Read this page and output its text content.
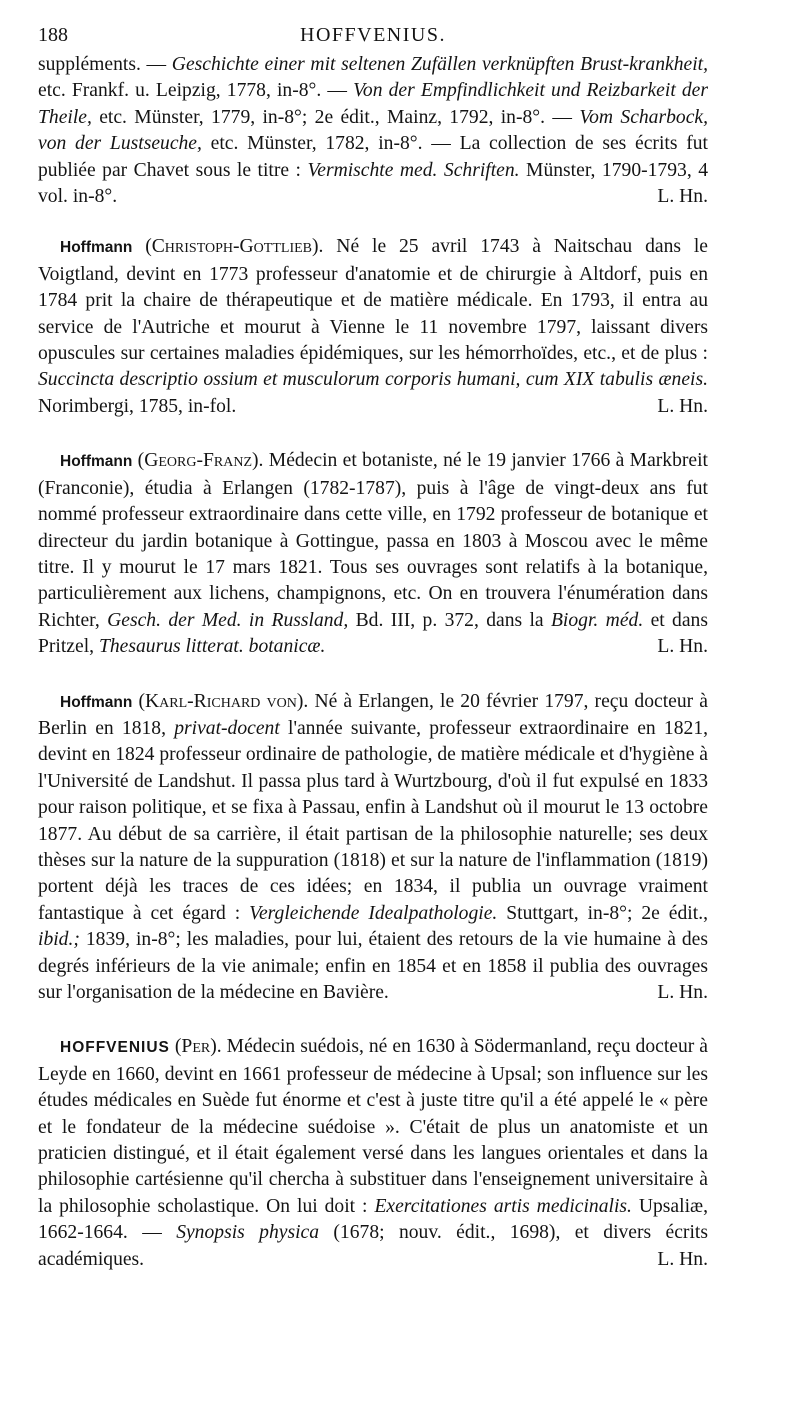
188	HOFFVENIUS.

suppléments. — Geschichte einer mit seltenen Zufällen verknüpften Brust-krankheit, etc. Frankf. u. Leipzig, 1778, in-8°. — Von der Empfindlichkeit und Reizbarkeit der Theile, etc. Münster, 1779, in-8°; 2e édit., Mainz, 1792, in-8°. — Vom Scharbock, von der Lustseuche, etc. Münster, 1782, in-8°. — La collection de ses écrits fut publiée par Chavet sous le titre : Vermischte med. Schriften. Münster, 1790-1793, 4 vol. in-8°.	L. Hn.

Hoffmann (Christoph-Gottlieb). Né le 25 avril 1743 à Naitschau dans le Voigtland, devint en 1773 professeur d'anatomie et de chirurgie à Altdorf, puis en 1784 prit la chaire de thérapeutique et de matière médicale. En 1793, il entra au service de l'Autriche et mourut à Vienne le 11 novembre 1797, laissant divers opuscules sur certaines maladies épidémiques, sur les hémorrhoïdes, etc., et de plus : Succincta descriptio ossium et musculorum corporis humani, cum XIX tabulis æneis. Norimbergi, 1785, in-fol.	L. Hn.

Hoffmann (Georg-Franz). Médecin et botaniste, né le 19 janvier 1766 à Markbreit (Franconie), étudia à Erlangen (1782-1787), puis à l'âge de vingt-deux ans fut nommé professeur extraordinaire dans cette ville, en 1792 professeur de botanique et directeur du jardin botanique à Gottingue, passa en 1803 à Moscou avec le même titre. Il y mourut le 17 mars 1821. Tous ses ouvrages sont relatifs à la botanique, particulièrement aux lichens, champignons, etc. On en trouvera l'énumération dans Richter, Gesch. der Med. in Russland, Bd. III, p. 372, dans la Biogr. méd. et dans Pritzel, Thesaurus litterat. botanicæ.	L. Hn.

Hoffmann (Karl-Richard von). Né à Erlangen, le 20 février 1797, reçu docteur à Berlin en 1818, privat-docent l'année suivante, professeur extraordinaire en 1821, devint en 1824 professeur ordinaire de pathologie, de matière médicale et d'hygiène à l'Université de Landshut. Il passa plus tard à Wurtzbourg, d'où il fut expulsé en 1833 pour raison politique, et se fixa à Passau, enfin à Landshut où il mourut le 13 octobre 1877. Au début de sa carrière, il était partisan de la philosophie naturelle; ses deux thèses sur la nature de la suppuration (1818) et sur la nature de l'inflammation (1819) portent déjà les traces de ces idées; en 1834, il publia un ouvrage vraiment fantastique à cet égard : Vergleichende Idealpathologie. Stuttgart, in-8°; 2e édit., ibid.; 1839, in-8°; les maladies, pour lui, étaient des retours de la vie humaine à des degrés inférieurs de la vie animale; enfin en 1854 et en 1858 il publia des ouvrages sur l'organisation de la médecine en Bavière.	L. Hn.

HOFFVENIUS (Per). Médecin suédois, né en 1630 à Södermanland, reçu docteur à Leyde en 1660, devint en 1661 professeur de médecine à Upsal; son influence sur les études médicales en Suède fut énorme et c'est à juste titre qu'il a été appelé le « père et le fondateur de la médecine suédoise ». C'était de plus un anatomiste et un praticien distingué, et il était également versé dans les langues orientales et dans la philosophie cartésienne qu'il chercha à substituer dans l'enseignement universitaire à la philosophie scholastique. On lui doit : Exercitationes artis medicinalis. Upsaliæ, 1662-1664. — Synopsis physica (1678; nouv. édit., 1698), et divers écrits académiques.	L. Hn.
